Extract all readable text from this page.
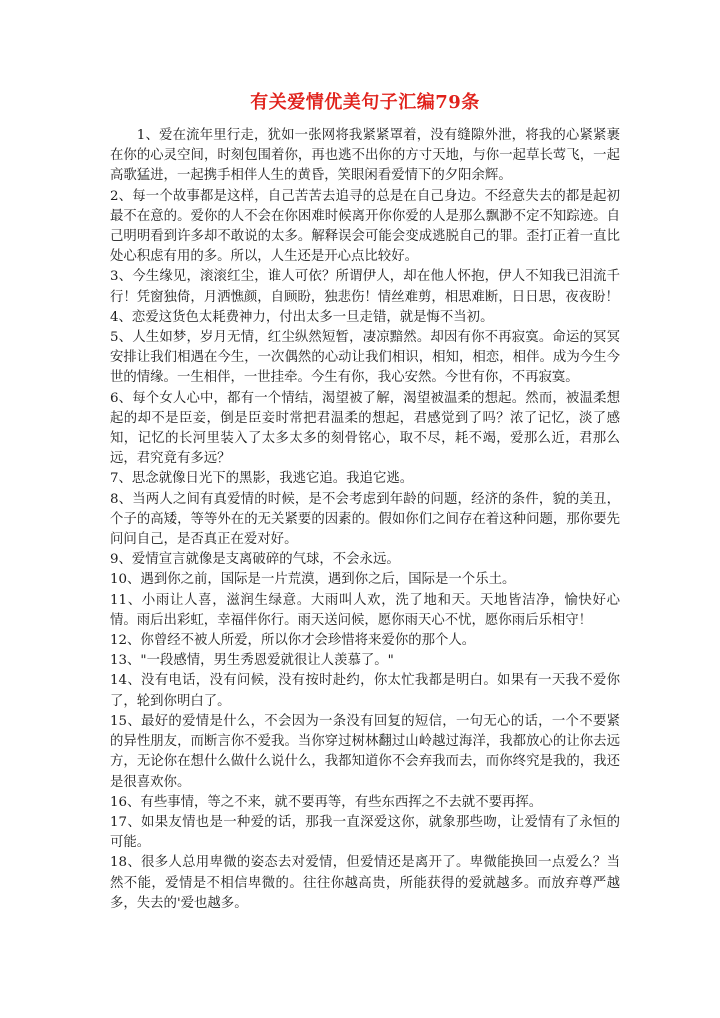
有关爱情优美句子汇编79条

1、爱在流年里行走，犹如一张网将我紧紧罩着，没有缝隙外泄，将我的心紧紧裹在你的心灵空间，时刻包围着你，再也逃不出你的方寸天地，与你一起草长莺飞，一起高歌猛进，一起携手相伴人生的黄昏，笑眼闲看爱情下的夕阳余辉。

2、每一个故事都是这样，自己苦苦去追寻的总是在自己身边。不经意失去的都是起初最不在意的。爱你的人不会在你困难时候离开你你爱的人是那么飘渺不定不知踪迹。自己明明看到许多却不敢说的太多。解释误会可能会变成逃脱自己的罪。歪打正着一直比处心积虑有用的多。所以，人生还是开心点比较好。

3、今生缘见，滚滚红尘，谁人可依？所谓伊人，却在他人怀抱，伊人不知我已泪流千行！凭窗独倚，月洒憔颜，自顾盼，独悲伤！情丝难剪，相思难断，日日思，夜夜盼！

4、恋爱这货色太耗费神力，付出太多一旦走错，就是悔不当初。

5、人生如梦，岁月无情，红尘纵然短暂，凄凉黯然。却因有你不再寂寞。命运的冥冥安排让我们相遇在今生，一次偶然的心动让我们相识，相知，相恋，相伴。成为今生今世的情缘。一生相伴，一世挂牵。今生有你，我心安然。今世有你，不再寂寞。

6、每个女人心中，都有一个情结，渴望被了解，渴望被温柔的想起。然而，被温柔想起的却不是臣妾，倒是臣妾时常把君温柔的想起，君感觉到了吗？浓了记忆，淡了感知，记忆的长河里装入了太多太多的刻骨铭心，取不尽，耗不竭，爱那么近，君那么远，君究竟有多远？

7、思念就像日光下的黑影，我逃它追。我追它逃。

8、当两人之间有真爱情的时候，是不会考虑到年龄的问题，经济的条件，貌的美丑，个子的高矮，等等外在的无关紧要的因素的。假如你们之间存在着这种问题，那你要先问问自己，是否真正在爱对好。

9、爱情宣言就像是支离破碎的气球，不会永远。

10、遇到你之前，国际是一片荒漠，遇到你之后，国际是一个乐土。

11、小雨让人喜，滋润生绿意。大雨叫人欢，洗了地和天。天地皆洁净，愉快好心情。雨后出彩虹，幸福伴你行。雨天送问候，愿你雨天心不忧，愿你雨后乐相守！

12、你曾经不被人所爱，所以你才会珍惜将来爱你的那个人。

13、"一段感情，男生秀恩爱就很让人羡慕了。"

14、没有电话，没有问候，没有按时赴约，你太忙我都是明白。如果有一天我不爱你了，轮到你明白了。

15、最好的爱情是什么，不会因为一条没有回复的短信，一句无心的话，一个不要紧的异性朋友，而断言你不爱我。当你穿过树林翻过山岭越过海洋，我都放心的让你去远方，无论你在想什么做什么说什么，我都知道你不会弃我而去，而你终究是我的，我还是很喜欢你。

16、有些事情，等之不来，就不要再等，有些东西挥之不去就不要再挥。

17、如果友情也是一种爱的话，那我一直深爱这你，就象那些吻，让爱情有了永恒的可能。

18、很多人总用卑微的姿态去对爱情，但爱情还是离开了。卑微能换回一点爱么？当然不能，爱情是不相信卑微的。往往你越高贵，所能获得的爱就越多。而放弃尊严越多，失去的'爱也越多。
